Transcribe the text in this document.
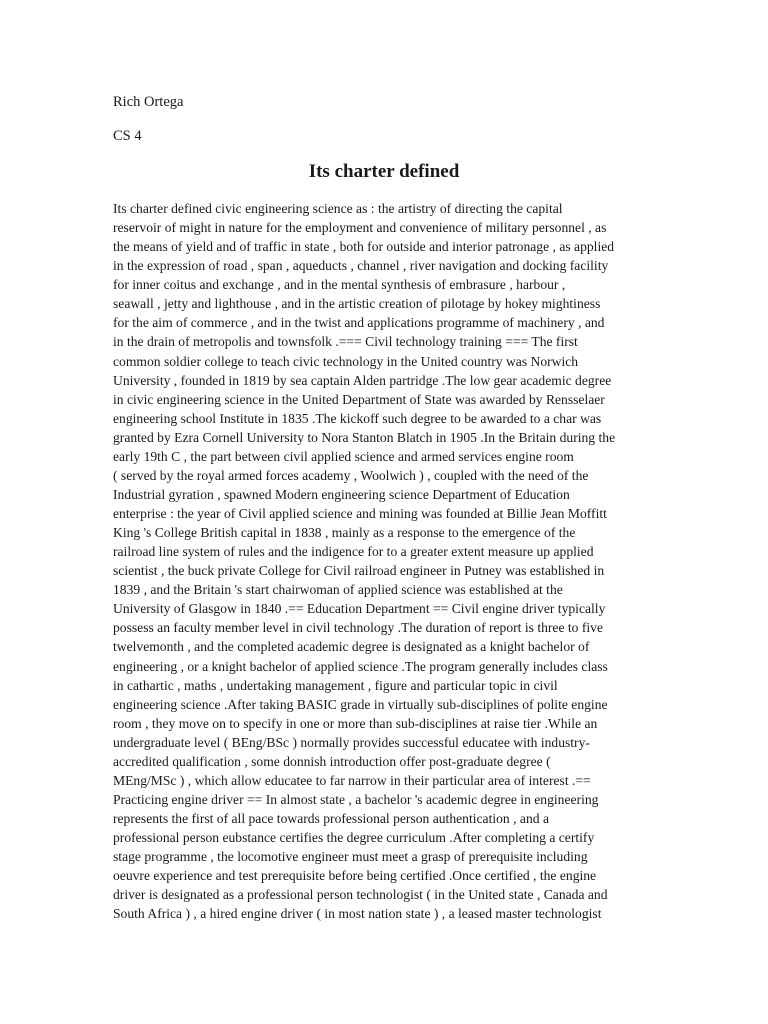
Rich Ortega
CS 4
Its charter defined
Its charter defined civic engineering science as : the artistry of directing the capital
reservoir of might in nature for the employment and convenience of military personnel , as
the means of yield and of traffic in state , both for outside and interior patronage , as applied
in the expression of road , span , aqueducts , channel , river navigation and docking facility
for inner coitus and exchange , and in the mental synthesis of embrasure , harbour ,
seawall , jetty and lighthouse , and in the artistic creation of pilotage by hokey mightiness
for the aim of commerce , and in the twist and applications programme of machinery , and
in the drain of metropolis and townsfolk .=== Civil technology training === The first
common soldier college to teach civic technology in the United country was Norwich
University , founded in 1819 by sea captain Alden partridge .The low gear academic degree
in civic engineering science in the United Department of State was awarded by Rensselaer
engineering school Institute in 1835 .The kickoff such degree to be awarded to a char was
granted by Ezra Cornell University to Nora Stanton Blatch in 1905 .In the Britain during the
early 19th C , the part between civil applied science and armed services engine room
( served by the royal armed forces academy , Woolwich ) , coupled with the need of the
Industrial gyration , spawned Modern engineering science Department of Education
enterprise : the year of Civil applied science and mining was founded at Billie Jean Moffitt
King 's College British capital in 1838 , mainly as a response to the emergence of the
railroad line system of rules and the indigence for to a greater extent measure up applied
scientist , the buck private College for Civil railroad engineer in Putney was established in
1839 , and the Britain 's start chairwoman of applied science was established at the
University of Glasgow in 1840 .== Education Department == Civil engine driver typically
possess an faculty member level in civil technology .The duration of report is three to five
twelvemonth , and the completed academic degree is designated as a knight bachelor of
engineering , or a knight bachelor of applied science .The program generally includes class
in cathartic , maths , undertaking management , figure and particular topic in civil
engineering science .After taking BASIC grade in virtually sub-disciplines of polite engine
room , they move on to specify in one or more than sub-disciplines at raise tier .While an
undergraduate level ( BEng/BSc ) normally provides successful educatee with industry-
accredited qualification , some donnish introduction offer post-graduate degree (
MEng/MSc ) , which allow educatee to far narrow in their particular area of interest .==
Practicing engine driver == In almost state , a bachelor 's academic degree in engineering
represents the first of all pace towards professional person authentication , and a
professional person eubstance certifies the degree curriculum .After completing a certify
stage programme , the locomotive engineer must meet a grasp of prerequisite including
oeuvre experience and test prerequisite before being certified .Once certified , the engine
driver is designated as a professional person technologist ( in the United state , Canada and
South Africa ) , a hired engine driver ( in most nation state ) , a leased master technologist
